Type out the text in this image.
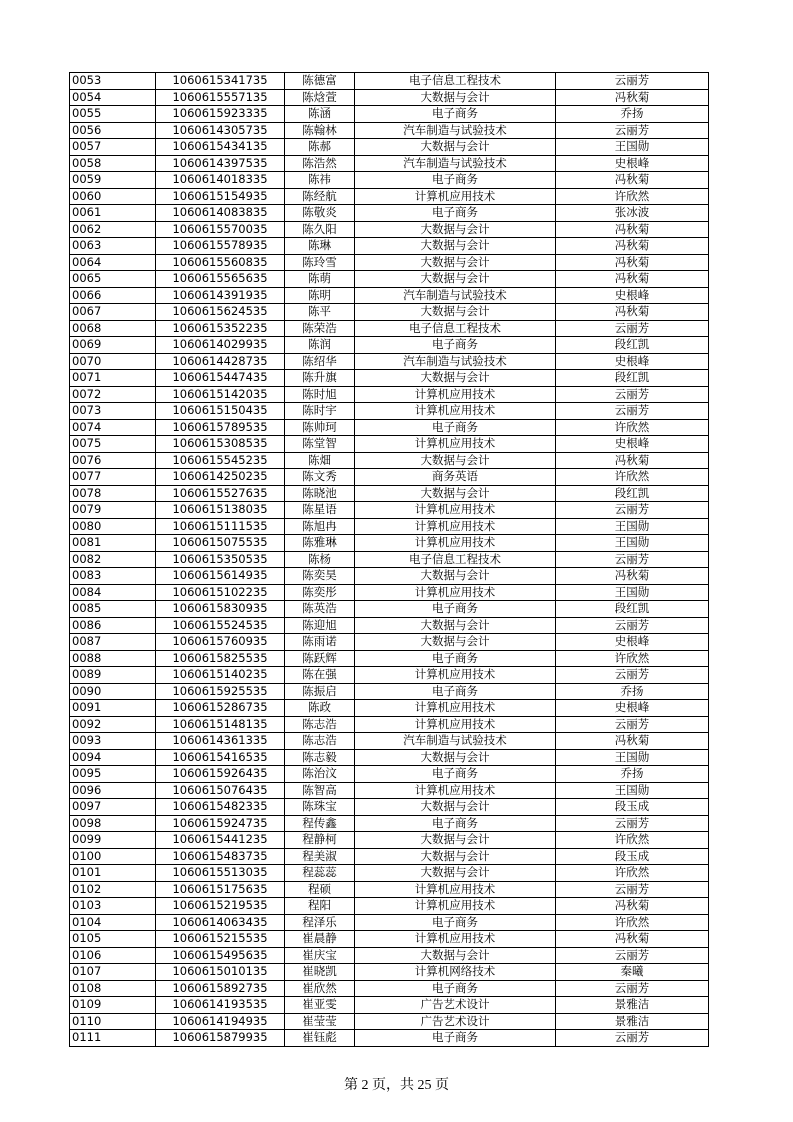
0053	1060615341735	陈德富	电子信息工程技术	云丽芳
0054	1060615557135	陈焓萱	大数据与会计	冯秋菊
0055	1060615923335	陈涵	电子商务	乔扬
0056	1060614305735	陈翰林	汽车制造与试验技术	云丽芳
0057	1060615434135	陈郝	大数据与会计	王国勋
0058	1060614397535	陈浩然	汽车制造与试验技术	史根峰
0059	1060614018335	陈祎	电子商务	冯秋菊
0060	1060615154935	陈经航	计算机应用技术	许欣然
0061	1060614083835	陈敬炎	电子商务	张冰波
0062	1060615570035	陈久阳	大数据与会计	冯秋菊
0063	1060615578935	陈琳	大数据与会计	冯秋菊
0064	1060615560835	陈玲雪	大数据与会计	冯秋菊
0065	1060615565635	陈萌	大数据与会计	冯秋菊
0066	1060614391935	陈明	汽车制造与试验技术	史根峰
0067	1060615624535	陈平	大数据与会计	冯秋菊
0068	1060615352235	陈荣浩	电子信息工程技术	云丽芳
0069	1060614029935	陈润	电子商务	段红凯
0070	1060614428735	陈绍华	汽车制造与试验技术	史根峰
0071	1060615447435	陈升旗	大数据与会计	段红凯
0072	1060615142035	陈时旭	计算机应用技术	云丽芳
0073	1060615150435	陈时宇	计算机应用技术	云丽芳
0074	1060615789535	陈帅珂	电子商务	许欣然
0075	1060615308535	陈堂智	计算机应用技术	史根峰
0076	1060615545235	陈畑	大数据与会计	冯秋菊
0077	1060614250235	陈文秀	商务英语	许欣然
0078	1060615527635	陈晓池	大数据与会计	段红凯
0079	1060615138035	陈星语	计算机应用技术	云丽芳
0080	1060615111535	陈旭冉	计算机应用技术	王国勋
0081	1060615075535	陈雅琳	计算机应用技术	王国勋
0082	1060615350535	陈杨	电子信息工程技术	云丽芳
0083	1060615614935	陈奕昊	大数据与会计	冯秋菊
0084	1060615102235	陈奕彤	计算机应用技术	王国勋
0085	1060615830935	陈英浩	电子商务	段红凯
0086	1060615524535	陈迎旭	大数据与会计	云丽芳
0087	1060615760935	陈雨诺	大数据与会计	史根峰
0088	1060615825535	陈跃辉	电子商务	许欣然
0089	1060615140235	陈在强	计算机应用技术	云丽芳
0090	1060615925535	陈振启	电子商务	乔扬
0091	1060615286735	陈政	计算机应用技术	史根峰
0092	1060615148135	陈志浩	计算机应用技术	云丽芳
0093	1060614361335	陈志浩	汽车制造与试验技术	冯秋菊
0094	1060615416535	陈志毅	大数据与会计	王国勋
0095	1060615926435	陈治汶	电子商务	乔扬
0096	1060615076435	陈智高	计算机应用技术	王国勋
0097	1060615482335	陈珠宝	大数据与会计	段玉成
0098	1060615924735	程传鑫	电子商务	云丽芳
0099	1060615441235	程静柯	大数据与会计	许欣然
0100	1060615483735	程美淑	大数据与会计	段玉成
0101	1060615513035	程蕊蕊	大数据与会计	许欣然
0102	1060615175635	程硕	计算机应用技术	云丽芳
0103	1060615219535	程阳	计算机应用技术	冯秋菊
0104	1060614063435	程泽乐	电子商务	许欣然
0105	1060615215535	崔晨静	计算机应用技术	冯秋菊
0106	1060615495635	崔庆宝	大数据与会计	云丽芳
0107	1060615010135	崔晓凯	计算机网络技术	秦曦
0108	1060615892735	崔欣然	电子商务	云丽芳
0109	1060614193535	崔亚雯	广告艺术设计	景雅洁
0110	1060614194935	崔莹莹	广告艺术设计	景雅洁
0111	1060615879935	崔钰彪	电子商务	云丽芳
第 2 页，共 25 页
